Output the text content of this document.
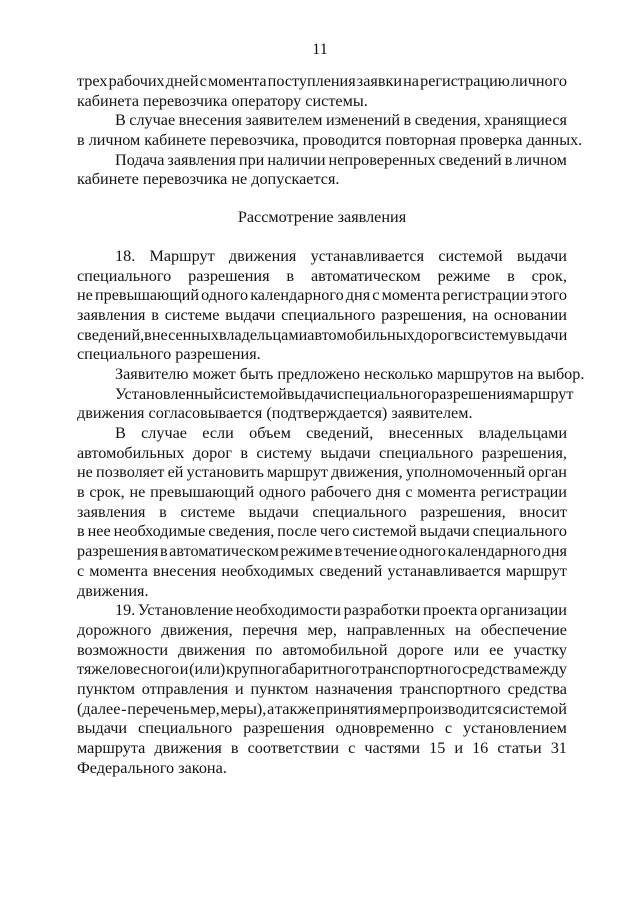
11
трех рабочих дней с момента поступления заявки на регистрацию личного
кабинета перевозчика оператору системы.
В случае внесения заявителем изменений в сведения, хранящиеся
в личном кабинете перевозчика, проводится повторная проверка данных.
Подача заявления при наличии непроверенных сведений в личном
кабинете перевозчика не допускается.
Рассмотрение заявления
18. Маршрут движения устанавливается системой выдачи
специального разрешения в автоматическом режиме в срок,
не превышающий одного календарного дня с момента регистрации этого
заявления в системе выдачи специального разрешения, на основании
сведений, внесенных владельцами автомобильных дорог в систему выдачи
специального разрешения.
Заявителю может быть предложено несколько маршрутов на выбор.
Установленный системой выдачи специального разрешения маршрут
движения согласовывается (подтверждается) заявителем.
В случае если объем сведений, внесенных владельцами
автомобильных дорог в систему выдачи специального разрешения,
не позволяет ей установить маршрут движения, уполномоченный орган
в срок, не превышающий одного рабочего дня с момента регистрации
заявления в системе выдачи специального разрешения, вносит
в нее необходимые сведения, после чего системой выдачи специального
разрешения в автоматическом режиме в течение одного календарного дня
с момента внесения необходимых сведений устанавливается маршрут
движения.
19. Установление необходимости разработки проекта организации
дорожного движения, перечня мер, направленных на обеспечение
возможности движения по автомобильной дороге или ее участку
тяжеловесного и (или) крупногабаритного транспортного средства между
пунктом отправления и пунктом назначения транспортного средства
(далее - перечень мер, меры), а также принятия мер производится системой
выдачи специального разрешения одновременно с установлением
маршрута движения в соответствии с частями 15 и 16 статьи 31
Федерального закона.
